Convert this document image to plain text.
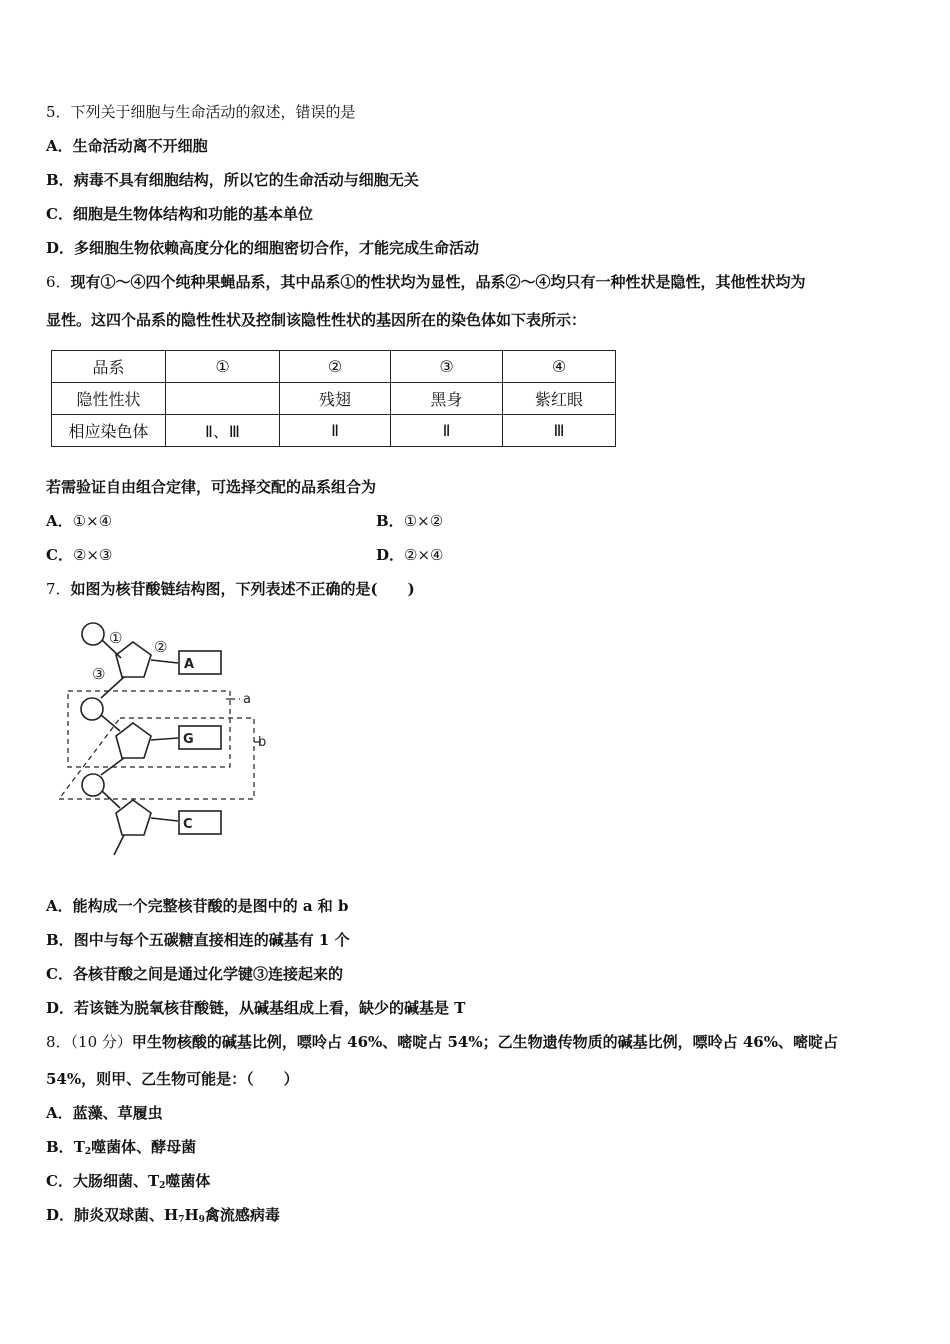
5．下列关于细胞与生命活动的叙述，错误的是
A．生命活动离不开细胞
B．病毒不具有细胞结构，所以它的生命活动与细胞无关
C．细胞是生物体结构和功能的基本单位
D．多细胞生物依赖高度分化的细胞密切合作，才能完成生命活动
6．现有①～④四个纯种果蝇品系，其中品系①的性状均为显性，品系②～④均只有一种性状是隐性，其他性状均为
显性。这四个品系的隐性性状及控制该隐性性状的基因所在的染色体如下表所示：
品系	①	②	③	④
隐性性状		残翅	黑身	紫红眼
相应染色体	Ⅱ、Ⅲ	Ⅱ	Ⅱ	Ⅲ
若需验证自由组合定律，可选择交配的品系组合为
A．①×④	B．①×②
C．②×③	D．②×④
7．如图为核苷酸链结构图，下列表述不正确的是(　　)
A
G
C
① ②
③
a
b
A．能构成一个完整核苷酸的是图中的 a 和 b
B．图中与每个五碳糖直接相连的碱基有 1 个
C．各核苷酸之间是通过化学键③连接起来的
D．若该链为脱氧核苷酸链，从碱基组成上看，缺少的碱基是 T
8．（10 分）甲生物核酸的碱基比例，嘌呤占 46%、嘧啶占 54%；乙生物遗传物质的碱基比例，嘌呤占 46%、嘧啶占
54%，则甲、乙生物可能是：（　　）
A．蓝藻、草履虫
B．$T_2$噬菌体、酵母菌
C．大肠细菌、$T_2$噬菌体
D．肺炎双球菌、$H_7H_9$禽流感病毒
